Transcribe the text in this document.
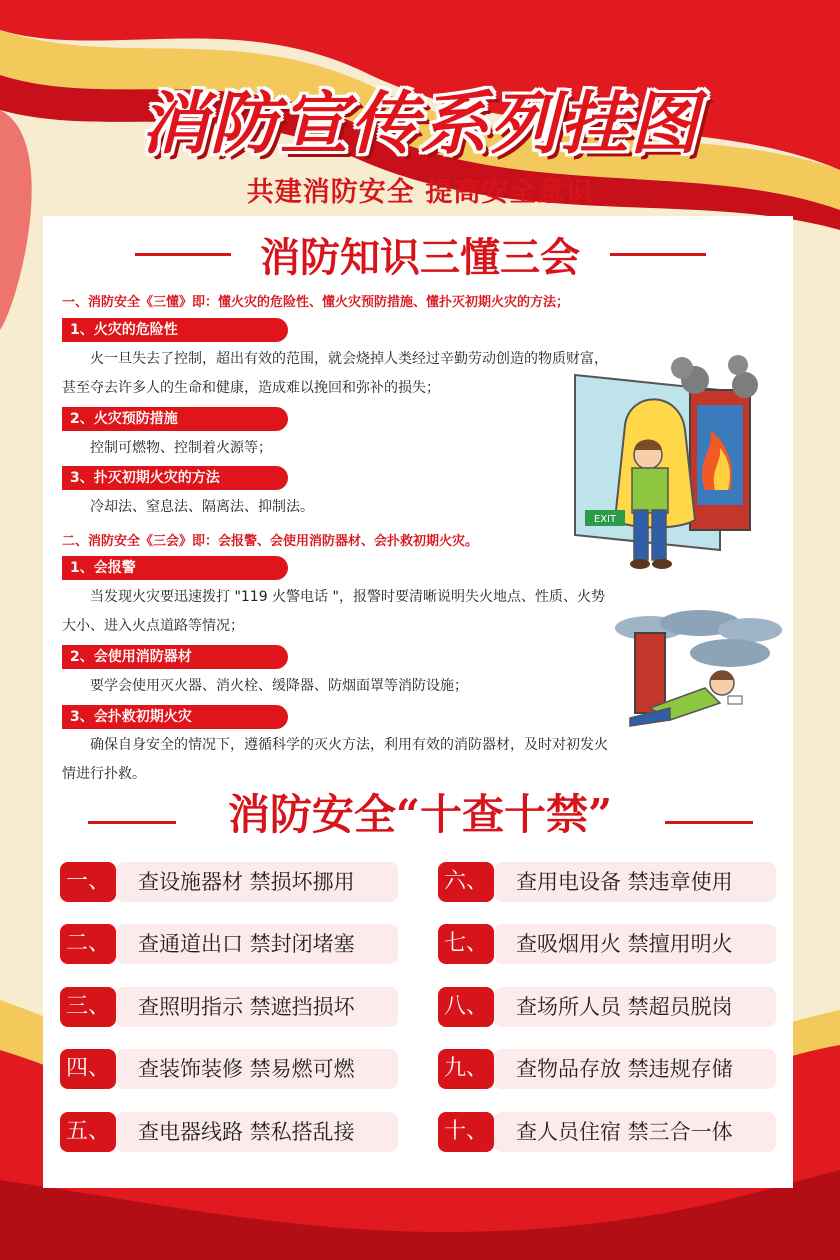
消防宣传系列挂图
共建消防安全 提高安全意识
消防知识三懂三会
一、消防安全《三懂》即：懂火灾的危险性、懂火灾预防措施、懂扑灭初期火灾的方法；
1、火灾的危险性
火一旦失去了控制，超出有效的范围，就会烧掉人类经过辛勤劳动创造的物质财富，
甚至夺去许多人的生命和健康，造成难以挽回和弥补的损失；
2、火灾预防措施
控制可燃物、控制着火源等；
3、扑灭初期火灾的方法
冷却法、窒息法、隔离法、抑制法。
二、消防安全《三会》即：会报警、会使用消防器材、会扑救初期火灾。
1、会报警
当发现火灾要迅速拨打 "119 火警电话 "，报警时要清晰说明失火地点、性质、火势
大小、进入火点道路等情况；
2、会使用消防器材
要学会使用灭火器、消火栓、缓降器、防烟面罩等消防设施；
3、会扑救初期火灾
确保自身安全的情况下，遵循科学的灭火方法，利用有效的消防器材，及时对初发火
情进行扑救。
EXIT
消防安全“十查十禁”
一、	查设施器材 禁损坏挪用
二、	查通道出口 禁封闭堵塞
三、	查照明指示 禁遮挡损坏
四、	查装饰装修 禁易燃可燃
五、	查电器线路 禁私搭乱接
六、	查用电设备 禁违章使用
七、	查吸烟用火 禁擅用明火
八、	查场所人员 禁超员脱岗
九、	查物品存放 禁违规存储
十、	查人员住宿 禁三合一体
